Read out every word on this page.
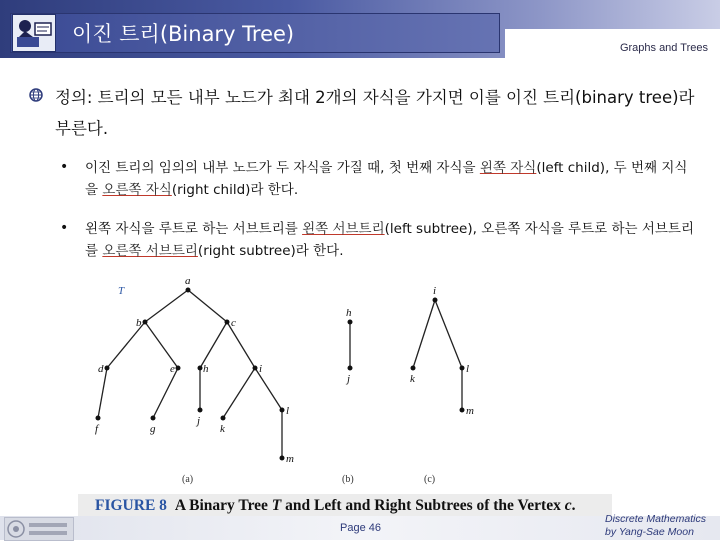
이진 트리(Binary Tree)
Graphs and Trees
정의: 트리의 모든 내부 노드가 최대 2개의 자식을 가지면 이를 이진 트리(binary tree)라 부른다.
• 이진 트리의 임의의 내부 노드가 두 자식을 가질 때, 첫 번째 자식을 왼쪽 자식(left child), 두 번째 지식을 오른쪽 자식(right child)라 한다.
• 왼쪽 자식을 루트로 하는 서브트리를 왼쪽 서브트리(left subtree), 오른쪽 자식을 루트로 하는 서브트리를 오른쪽 서브트리(right subtree)라 한다.
T
a
b	c
d	e
f	g
h	i
j
k
l
m
h
j
i
k
l
m
(a)	(b)	(c)
FIGURE 8 A Binary Tree T and Left and Right Subtrees of the Vertex c.
Page 46
Discrete Mathematics
by Yang-Sae Moon
